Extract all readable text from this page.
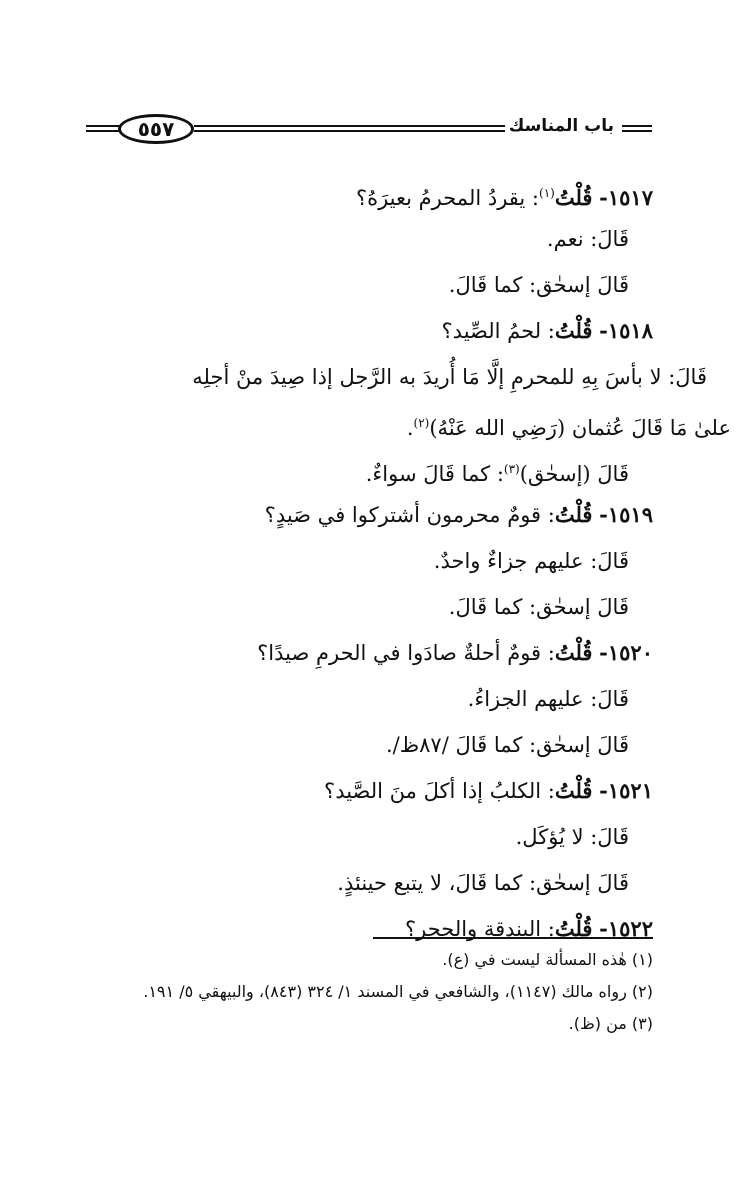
٥٥٧	باب المناسك
١٥١٧- قُلْتُ$^{(١)}$: يقردُ المحرمُ بعيرَهُ؟
قَالَ: نعم.
قَالَ إسحٰق: كما قَالَ.
١٥١٨- قُلْتُ: لحمُ الصِّيد؟
قَالَ: لا بأسَ بِهِ للمحرمِ إلَّا مَا أُريدَ به الرَّجل إذا صِيدَ منْ أجلِه
علىٰ مَا قَالَ عُثمان (رَضِي الله عَنْهُ)$^{(٢)}$.
قَالَ (إسحٰق)$^{(٣)}$: كما قَالَ سواءٌ.
١٥١٩- قُلْتُ: قومٌ محرمون أشتركوا في صَيدٍ؟
قَالَ: عليهم جزاءٌ واحدٌ.
قَالَ إسحٰق: كما قَالَ.
١٥٢٠- قُلْتُ: قومٌ أحلةٌ صادَوا في الحرمِ صيدًا؟
قَالَ: عليهم الجزاءُ.
قَالَ إسحٰق: كما قَالَ /٨٧ظ/.
١٥٢١- قُلْتُ: الكلبُ إذا أكلَ منَ الصَّيد؟
قَالَ: لا يُؤكَل.
قَالَ إسحٰق: كما قَالَ، لا يتبع حينئذٍ.
١٥٢٢- قُلْتُ: البندقة والحجر؟
(١) هٰذه المسألة ليست في (ع).
(٢) رواه مالك (١١٤٧)، والشافعي في المسند ١/ ٣٢٤ (٨٤٣)، والبيهقي ٥/ ١٩١.
(٣) من (ظ).
